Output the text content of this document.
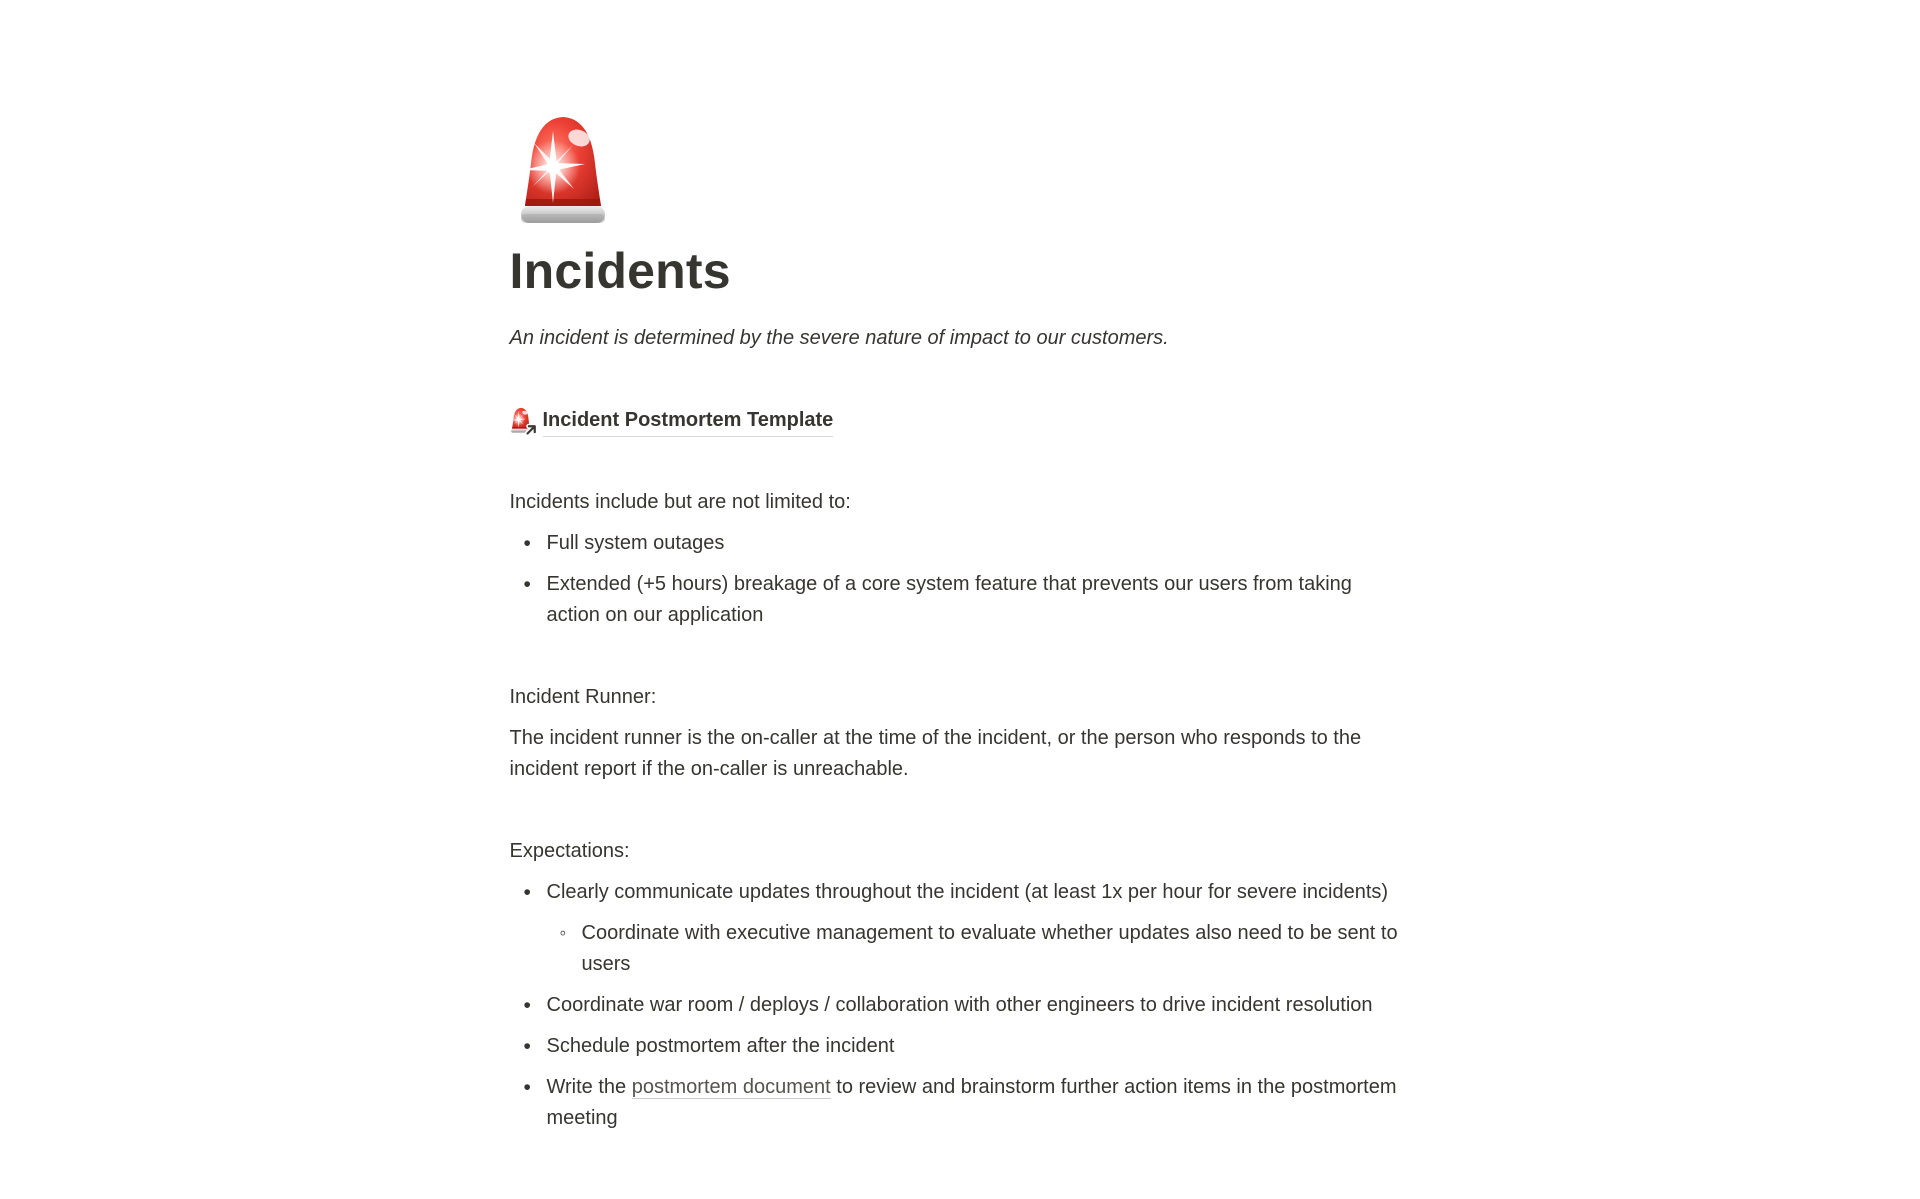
Incidents
An incident is determined by the severe nature of impact to our customers.
Incident Postmortem Template
Incidents include but are not limited to:
• Full system outages
• Extended (+5 hours) breakage of a core system feature that prevents our users from taking action on our application
Incident Runner:
The incident runner is the on-caller at the time of the incident, or the person who responds to the incident report if the on-caller is unreachable.
Expectations:
• Clearly communicate updates throughout the incident (at least 1x per hour for severe incidents)
◦ Coordinate with executive management to evaluate whether updates also need to be sent to users
• Coordinate war room / deploys / collaboration with other engineers to drive incident resolution
• Schedule postmortem after the incident
• Write the postmortem document to review and brainstorm further action items in the postmortem meeting
